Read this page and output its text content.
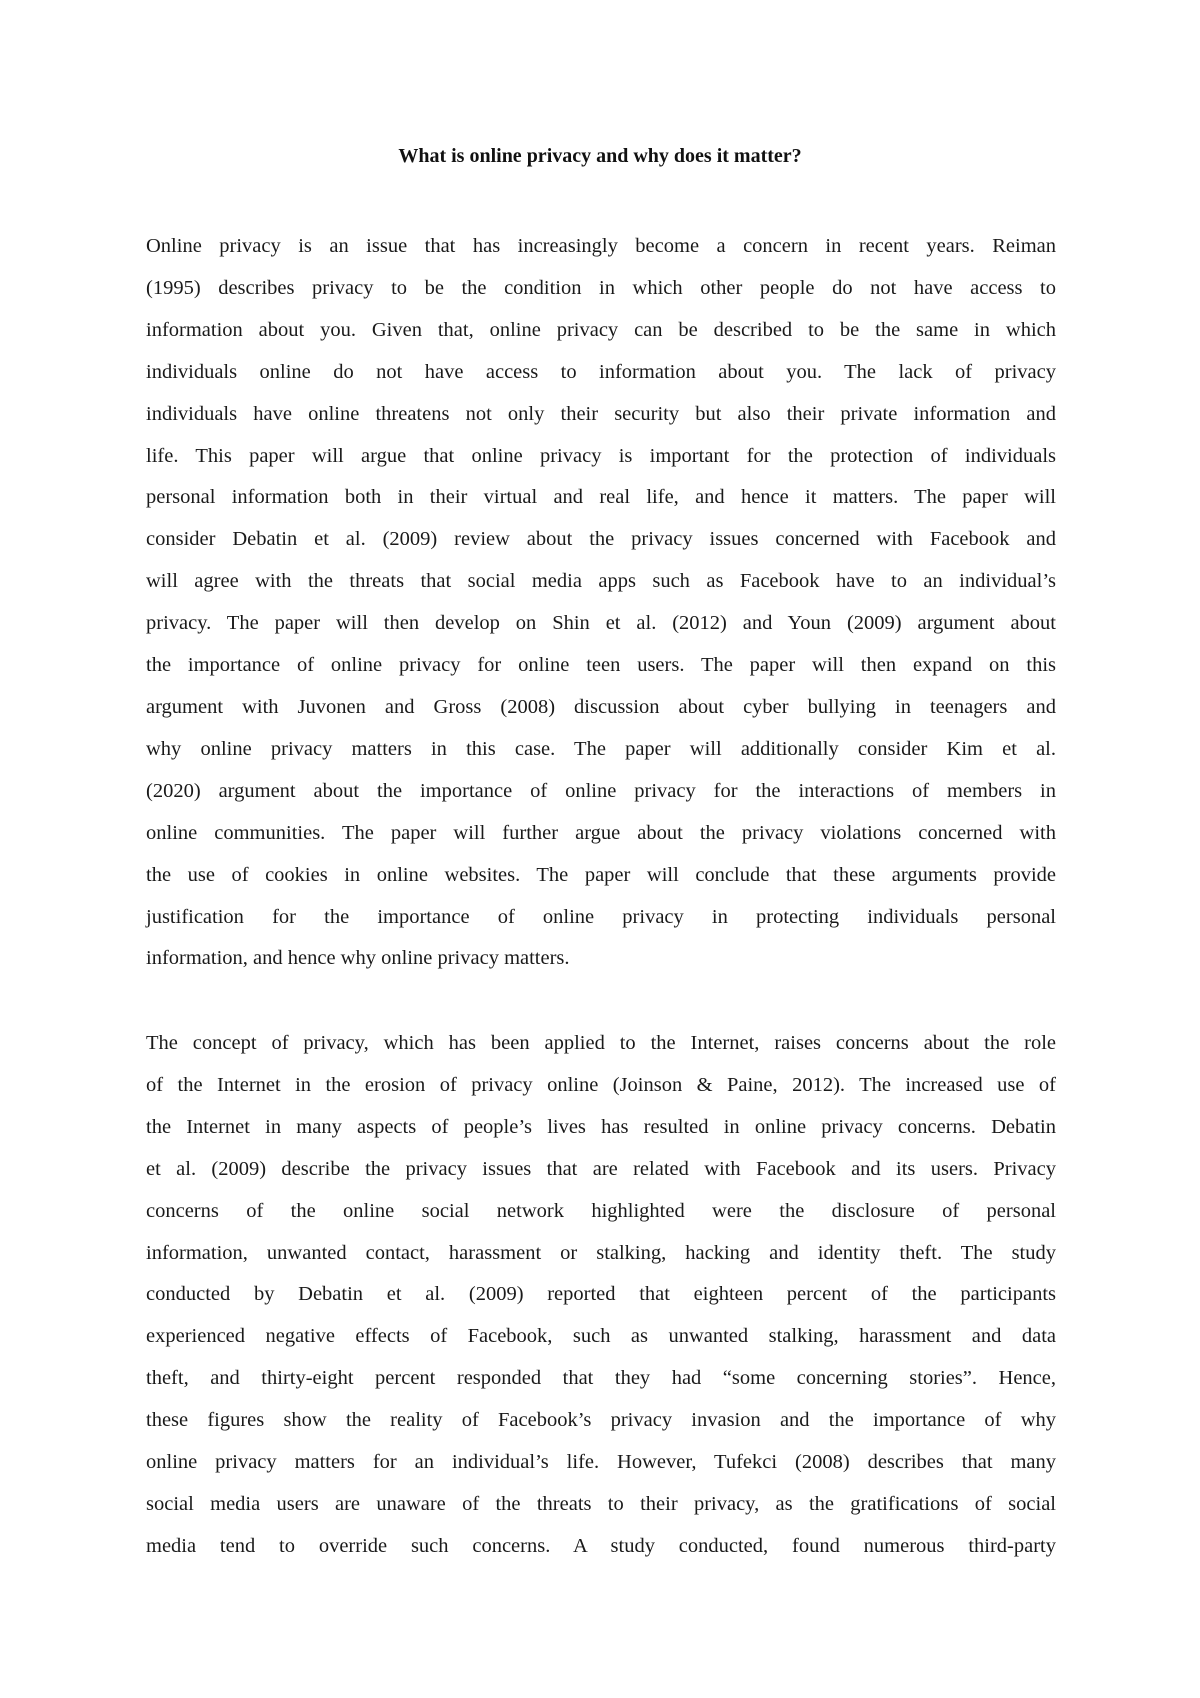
What is online privacy and why does it matter?
Online privacy is an issue that has increasingly become a concern in recent years. Reiman
(1995) describes privacy to be the condition in which other people do not have access to
information about you. Given that, online privacy can be described to be the same in which
individuals online do not have access to information about you. The lack of privacy
individuals have online threatens not only their security but also their private information and
life. This paper will argue that online privacy is important for the protection of individuals
personal information both in their virtual and real life, and hence it matters. The paper will
consider Debatin et al. (2009) review about the privacy issues concerned with Facebook and
will agree with the threats that social media apps such as Facebook have to an individual’s
privacy. The paper will then develop on Shin et al. (2012) and Youn (2009) argument about
the importance of online privacy for online teen users. The paper will then expand on this
argument with Juvonen and Gross (2008) discussion about cyber bullying in teenagers and
why online privacy matters in this case. The paper will additionally consider Kim et al.
(2020) argument about the importance of online privacy for the interactions of members in
online communities. The paper will further argue about the privacy violations concerned with
the use of cookies in online websites. The paper will conclude that these arguments provide
justification for the importance of online privacy in protecting individuals personal
information, and hence why online privacy matters.
The concept of privacy, which has been applied to the Internet, raises concerns about the role
of the Internet in the erosion of privacy online (Joinson & Paine, 2012). The increased use of
the Internet in many aspects of people’s lives has resulted in online privacy concerns. Debatin
et al. (2009) describe the privacy issues that are related with Facebook and its users. Privacy
concerns of the online social network highlighted were the disclosure of personal
information, unwanted contact, harassment or stalking, hacking and identity theft. The study
conducted by Debatin et al. (2009) reported that eighteen percent of the participants
experienced negative effects of Facebook, such as unwanted stalking, harassment and data
theft, and thirty-eight percent responded that they had “some concerning stories”. Hence,
these figures show the reality of Facebook’s privacy invasion and the importance of why
online privacy matters for an individual’s life. However, Tufekci (2008) describes that many
social media users are unaware of the threats to their privacy, as the gratifications of social
media tend to override such concerns. A study conducted, found numerous third-party
